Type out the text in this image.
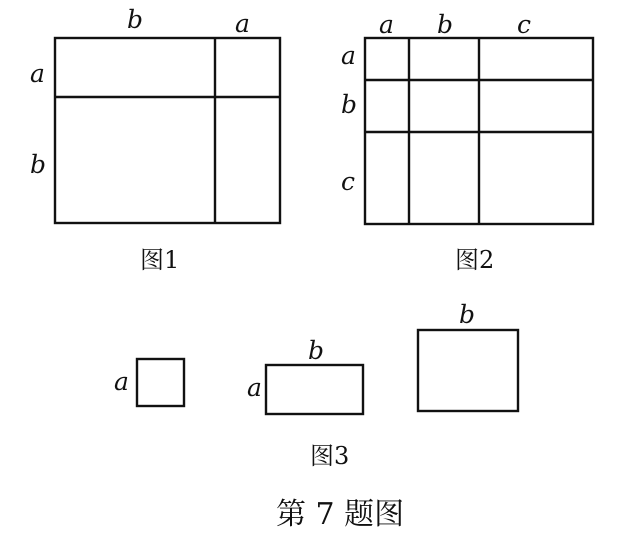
b	a
a
b
图1
a b	c
a
b
c
图2
a
b
a
b
图3
第 7 题图
